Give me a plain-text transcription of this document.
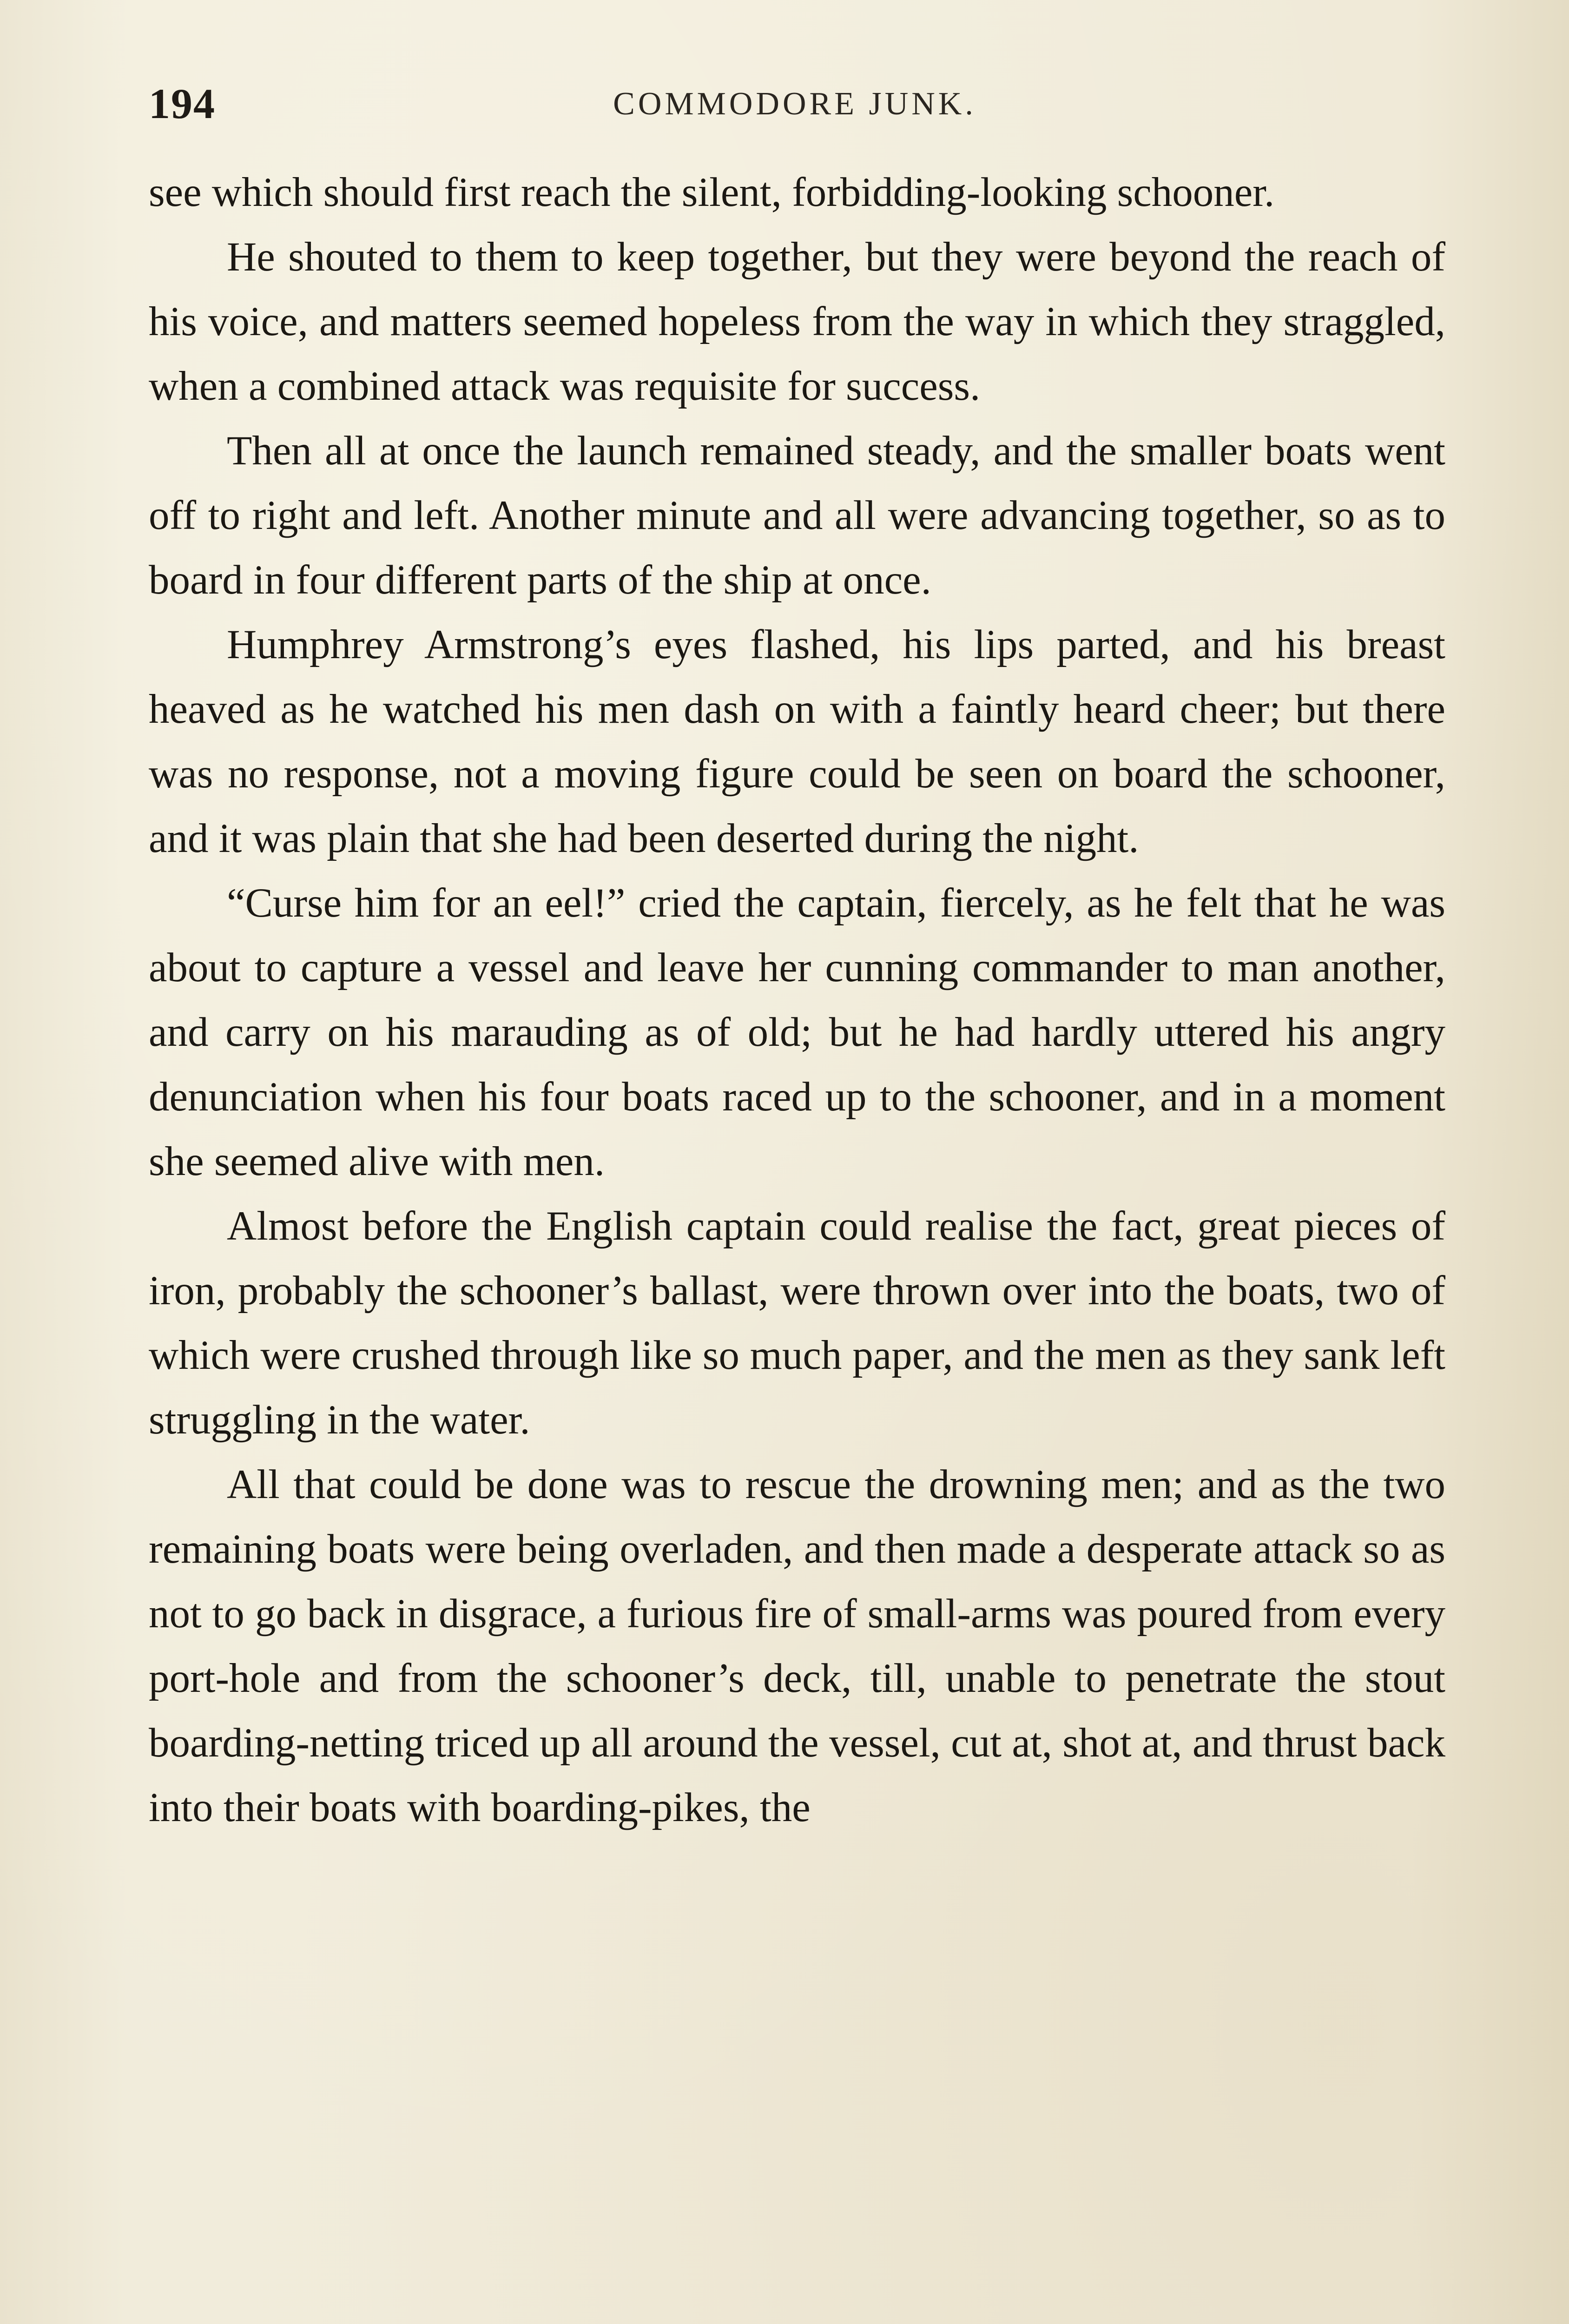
194	COMMODORE JUNK.

see which should first reach the silent, forbidding-looking schooner.

He shouted to them to keep together, but they were beyond the reach of his voice, and matters seemed hopeless from the way in which they straggled, when a combined attack was requisite for success.

Then all at once the launch remained steady, and the smaller boats went off to right and left. Another minute and all were advancing together, so as to board in four different parts of the ship at once.

Humphrey Armstrong’s eyes flashed, his lips parted, and his breast heaved as he watched his men dash on with a faintly heard cheer; but there was no response, not a moving figure could be seen on board the schooner, and it was plain that she had been deserted during the night.

“Curse him for an eel!” cried the captain, fiercely, as he felt that he was about to capture a vessel and leave her cunning commander to man another, and carry on his marauding as of old; but he had hardly uttered his angry denunciation when his four boats raced up to the schooner, and in a moment she seemed alive with men.

Almost before the English captain could realise the fact, great pieces of iron, probably the schooner’s ballast, were thrown over into the boats, two of which were crushed through like so much paper, and the men as they sank left struggling in the water.

All that could be done was to rescue the drowning men; and as the two remaining boats were being overladen, and then made a desperate attack so as not to go back in disgrace, a furious fire of small-arms was poured from every port-hole and from the schooner’s deck, till, unable to penetrate the stout boarding-netting triced up all around the vessel, cut at, shot at, and thrust back into their boats with boarding-pikes, the
